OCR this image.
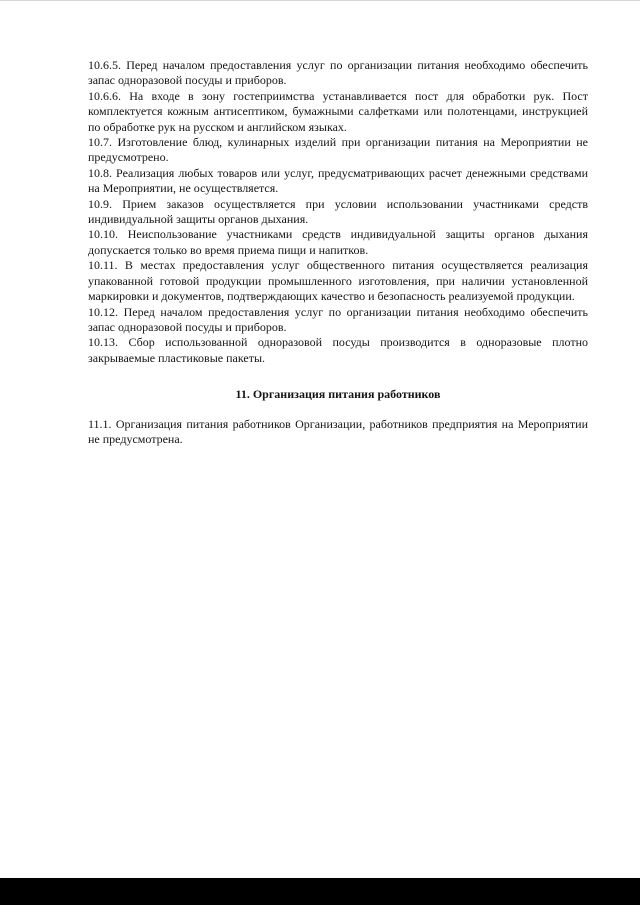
10.6.5. Перед началом предоставления услуг по организации питания необходимо обеспечить запас одноразовой посуды и приборов.

10.6.6. На входе в зону гостеприимства устанавливается пост для обработки рук. Пост комплектуется кожным антисептиком, бумажными салфетками или полотенцами, инструкцией по обработке рук на русском и английском языках.

10.7. Изготовление блюд, кулинарных изделий при организации питания на Мероприятии не предусмотрено.

10.8. Реализация любых товаров или услуг, предусматривающих расчет денежными средствами на Мероприятии, не осуществляется.

10.9. Прием заказов осуществляется при условии использовании участниками средств индивидуальной защиты органов дыхания.

10.10. Неиспользование участниками средств индивидуальной защиты органов дыхания допускается только во время приема пищи и напитков.

10.11. В местах предоставления услуг общественного питания осуществляется реализация упакованной готовой продукции промышленного изготовления, при наличии установленной маркировки и документов, подтверждающих качество и безопасность реализуемой продукции.

10.12. Перед началом предоставления услуг по организации питания необходимо обеспечить запас одноразовой посуды и приборов.

10.13. Сбор использованной одноразовой посуды производится в одноразовые плотно закрываемые пластиковые пакеты.

11. Организация питания работников

11.1. Организация питания работников Организации, работников предприятия на Мероприятии не предусмотрена.
